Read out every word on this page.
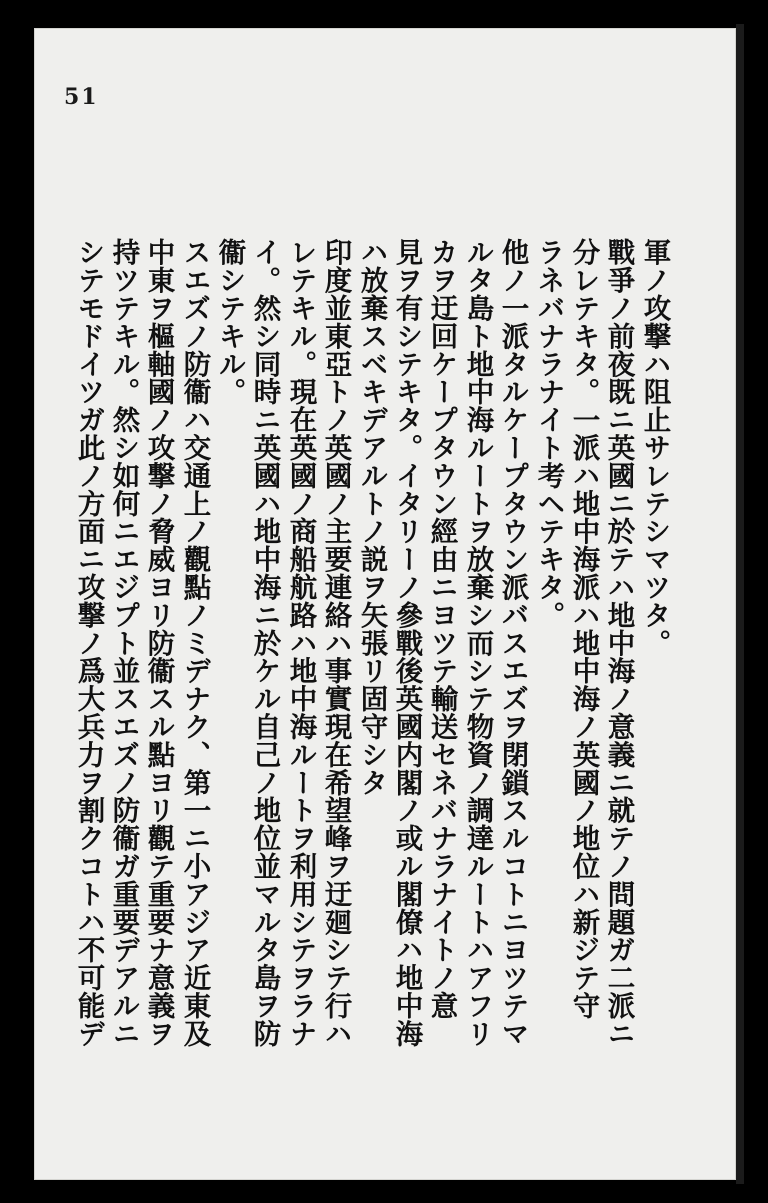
51
軍ノ攻撃ハ阻止サレテシマツタ。
戰爭ノ前夜既ニ英國ニ於テハ地中海ノ意義ニ就テノ問題ガ二派ニ
分レテキタ。一派ハ地中海派ハ地中海ノ英國ノ地位ハ新ジテ守
ラネバナラナイト考ヘテキタ。
他ノ一派タルケープタウン派バスエズヲ閉鎖スルコトニヨツテマ
ルタ島ト地中海ルートヲ放棄シ而シテ物資ノ調達ルートハアフリ
カヲ迂回ケープタウン經由ニヨツテ輸送セネバナラナイトノ意
見ヲ有シテキタ。イタリーノ參戰後英國内閣ノ或ル閣僚ハ地中海
ハ放棄スベキデアルトノ説ヲ矢張リ固守シタ
印度並東亞トノ英國ノ主要連絡ハ事實現在希望峰ヲ迂廻シテ行ハ
レテキル。現在英國ノ商船航路ハ地中海ルートヲ利用シテヲラナ
イ。然シ同時ニ英國ハ地中海ニ於ケル自己ノ地位並マルタ島ヲ防
衞シテキル。
スエズノ防衞ハ交通上ノ觀點ノミデナク、第一ニ小アジア近東及
中東ヲ樞軸國ノ攻撃ノ脅威ヨリ防衞スル點ヨリ觀テ重要ナ意義ヲ
持ツテキル。然シ如何ニエジプト並スエズノ防衞ガ重要デアルニ
シテモドイツガ此ノ方面ニ攻撃ノ爲大兵力ヲ割クコトハ不可能デ
